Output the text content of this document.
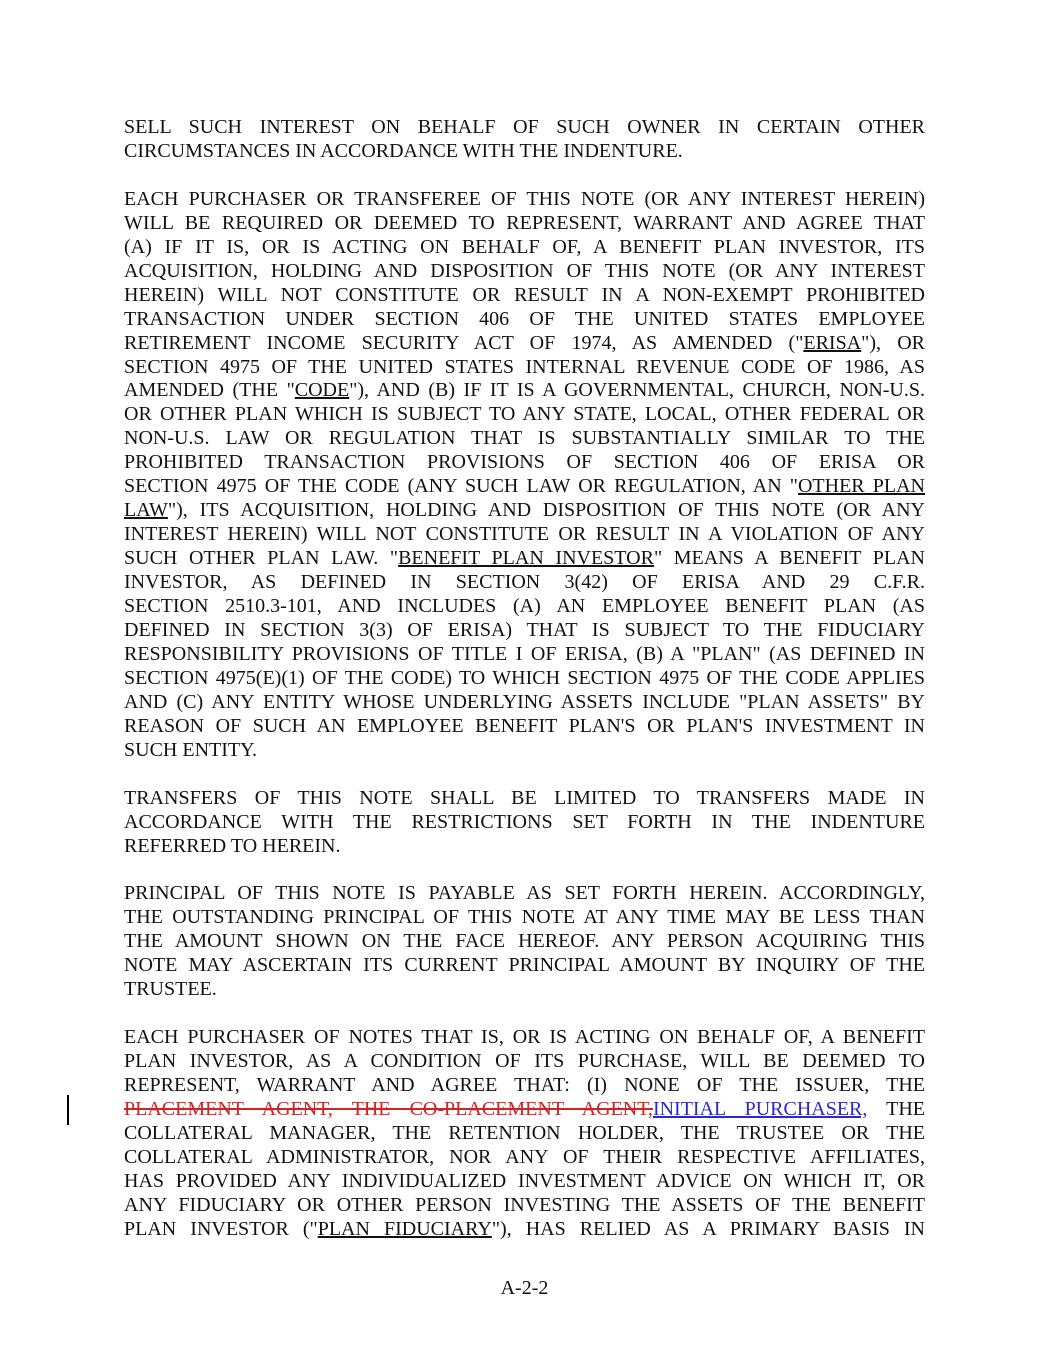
SELL SUCH INTEREST ON BEHALF OF SUCH OWNER IN CERTAIN OTHER
CIRCUMSTANCES IN ACCORDANCE WITH THE INDENTURE.
EACH PURCHASER OR TRANSFEREE OF THIS NOTE (OR ANY INTEREST HEREIN)
WILL BE REQUIRED OR DEEMED TO REPRESENT, WARRANT AND AGREE THAT
(A) IF IT IS, OR IS ACTING ON BEHALF OF, A BENEFIT PLAN INVESTOR, ITS
ACQUISITION, HOLDING AND DISPOSITION OF THIS NOTE (OR ANY INTEREST
HEREIN) WILL NOT CONSTITUTE OR RESULT IN A NON-EXEMPT PROHIBITED
TRANSACTION UNDER SECTION 406 OF THE UNITED STATES EMPLOYEE
RETIREMENT INCOME SECURITY ACT OF 1974, AS AMENDED ("ERISA"), OR
SECTION 4975 OF THE UNITED STATES INTERNAL REVENUE CODE OF 1986, AS
AMENDED (THE "CODE"), AND (B) IF IT IS A GOVERNMENTAL, CHURCH, NON-U.S.
OR OTHER PLAN WHICH IS SUBJECT TO ANY STATE, LOCAL, OTHER FEDERAL OR
NON-U.S. LAW OR REGULATION THAT IS SUBSTANTIALLY SIMILAR TO THE
PROHIBITED TRANSACTION PROVISIONS OF SECTION 406 OF ERISA OR
SECTION 4975 OF THE CODE (ANY SUCH LAW OR REGULATION, AN "OTHER PLAN
LAW"), ITS ACQUISITION, HOLDING AND DISPOSITION OF THIS NOTE (OR ANY
INTEREST HEREIN) WILL NOT CONSTITUTE OR RESULT IN A VIOLATION OF ANY
SUCH OTHER PLAN LAW. "BENEFIT PLAN INVESTOR" MEANS A BENEFIT PLAN
INVESTOR, AS DEFINED IN SECTION 3(42) OF ERISA AND 29 C.F.R.
SECTION 2510.3-101, AND INCLUDES (A) AN EMPLOYEE BENEFIT PLAN (AS
DEFINED IN SECTION 3(3) OF ERISA) THAT IS SUBJECT TO THE FIDUCIARY
RESPONSIBILITY PROVISIONS OF TITLE I OF ERISA, (B) A "PLAN" (AS DEFINED IN
SECTION 4975(E)(1) OF THE CODE) TO WHICH SECTION 4975 OF THE CODE APPLIES
AND (C) ANY ENTITY WHOSE UNDERLYING ASSETS INCLUDE "PLAN ASSETS" BY
REASON OF SUCH AN EMPLOYEE BENEFIT PLAN'S OR PLAN'S INVESTMENT IN
SUCH ENTITY.
TRANSFERS OF THIS NOTE SHALL BE LIMITED TO TRANSFERS MADE IN
ACCORDANCE WITH THE RESTRICTIONS SET FORTH IN THE INDENTURE
REFERRED TO HEREIN.
PRINCIPAL OF THIS NOTE IS PAYABLE AS SET FORTH HEREIN. ACCORDINGLY,
THE OUTSTANDING PRINCIPAL OF THIS NOTE AT ANY TIME MAY BE LESS THAN
THE AMOUNT SHOWN ON THE FACE HEREOF. ANY PERSON ACQUIRING THIS
NOTE MAY ASCERTAIN ITS CURRENT PRINCIPAL AMOUNT BY INQUIRY OF THE
TRUSTEE.
EACH PURCHASER OF NOTES THAT IS, OR IS ACTING ON BEHALF OF, A BENEFIT
PLAN INVESTOR, AS A CONDITION OF ITS PURCHASE, WILL BE DEEMED TO
REPRESENT, WARRANT AND AGREE THAT: (I) NONE OF THE ISSUER, THE
PLACEMENT AGENT, THE CO-PLACEMENT AGENT,INITIAL PURCHASER, THE
COLLATERAL MANAGER, THE RETENTION HOLDER, THE TRUSTEE OR THE
COLLATERAL ADMINISTRATOR, NOR ANY OF THEIR RESPECTIVE AFFILIATES,
HAS PROVIDED ANY INDIVIDUALIZED INVESTMENT ADVICE ON WHICH IT, OR
ANY FIDUCIARY OR OTHER PERSON INVESTING THE ASSETS OF THE BENEFIT
PLAN INVESTOR ("PLAN FIDUCIARY"), HAS RELIED AS A PRIMARY BASIS IN
A-2-2
